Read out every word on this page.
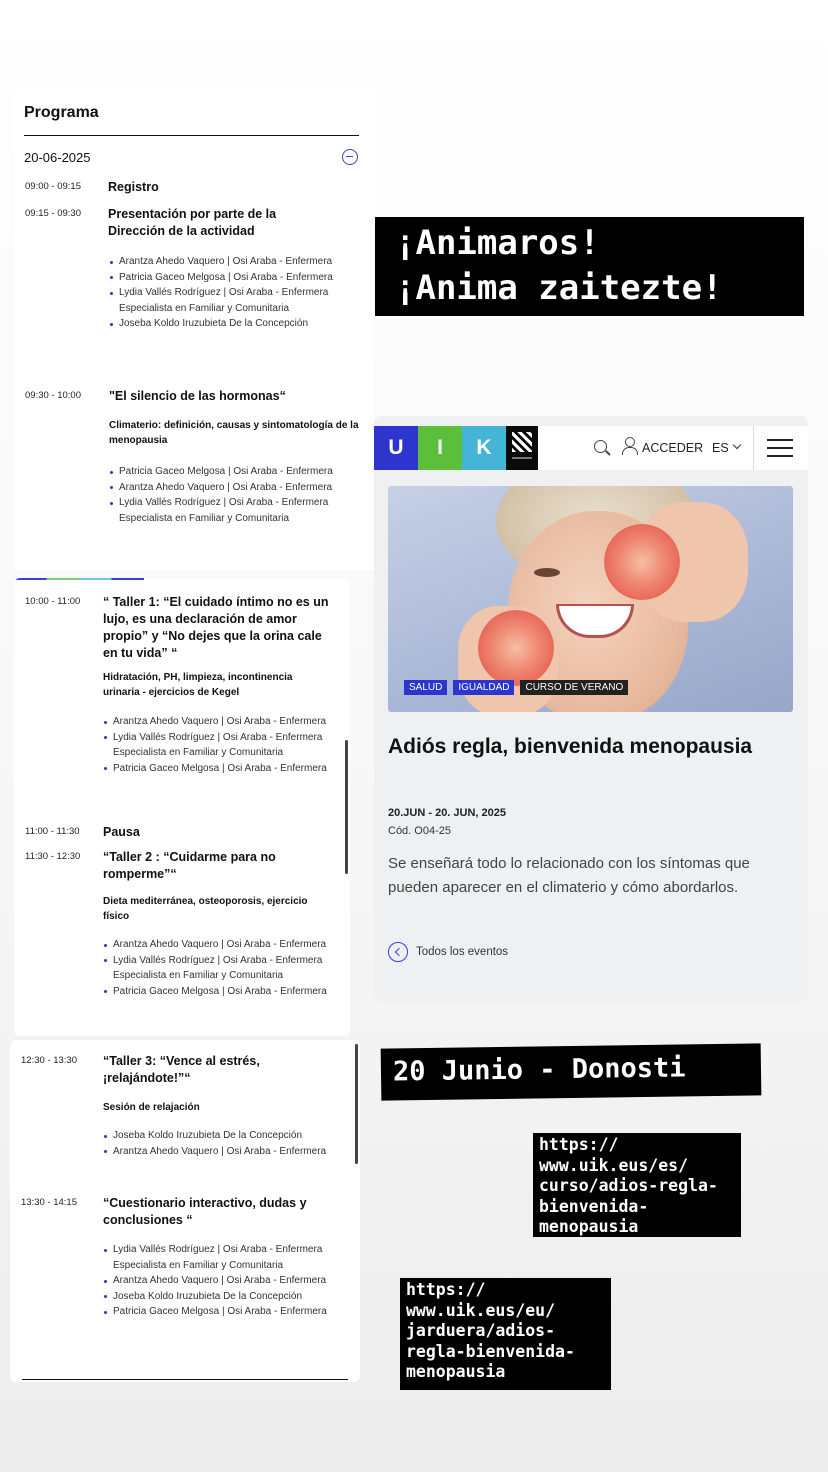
Programa
20-06-2025
09:00 - 09:15 Registro
09:15 - 09:30 Presentación por parte de la Dirección de la actividad
Arantza Ahedo Vaquero | Osi Araba - Enfermera
Patricia Gaceo Melgosa | Osi Araba - Enfermera
Lydia Vallés Rodríguez | Osi Araba - Enfermera Especialista en Familiar y Comunitaria
Joseba Koldo Iruzubieta De la Concepción
09:30 - 10:00 "El silencio de las hormonas“
Climaterio: definición, causas y sintomatología de la menopausia
Patricia Gaceo Melgosa | Osi Araba - Enfermera
Arantza Ahedo Vaquero | Osi Araba - Enfermera
Lydia Vallés Rodríguez | Osi Araba - Enfermera Especialista en Familiar y Comunitaria
10:00 - 11:00 “ Taller 1: “El cuidado íntimo no es un lujo, es una declaración de amor propio” y “No dejes que la orina cale en tu vida” “
Hidratación, PH, limpieza, incontinencia urinaria - ejercicios de Kegel
Arantza Ahedo Vaquero | Osi Araba - Enfermera
Lydia Vallés Rodríguez | Osi Araba - Enfermera Especialista en Familiar y Comunitaria
Patricia Gaceo Melgosa | Osi Araba - Enfermera
11:00 - 11:30 Pausa
11:30 - 12:30 “Taller 2 : “Cuidarme para no romperme”“
Dieta mediterránea, osteoporosis, ejercicio físico
Arantza Ahedo Vaquero | Osi Araba - Enfermera
Lydia Vallés Rodríguez | Osi Araba - Enfermera Especialista en Familiar y Comunitaria
Patricia Gaceo Melgosa | Osi Araba - Enfermera
12:30 - 13:30 “Taller 3: “Vence al estrés, ¡relajándote!”“
Sesión de relajación
Joseba Koldo Iruzubieta De la Concepción
Arantza Ahedo Vaquero | Osi Araba - Enfermera
13:30 - 14:15 “Cuestionario interactivo, dudas y conclusiones “
Lydia Vallés Rodríguez | Osi Araba - Enfermera Especialista en Familiar y Comunitaria
Arantza Ahedo Vaquero | Osi Araba - Enfermera
Joseba Koldo Iruzubieta De la Concepción
Patricia Gaceo Melgosa | Osi Araba - Enfermera
¡Animaros!
¡Anima zaitezte!
20 Junio - Donosti
https://
www.uik.eus/es/
curso/adios-regla-
bienvenida-
menopausia
https://
www.uik.eus/eu/
jarduera/adios-
regla-bienvenida-
menopausia
U	I	K	ACCEDER ES
SALUD	IGUALDAD	CURSO DE VERANO
Adiós regla, bienvenida menopausia
20.JUN - 20. JUN, 2025
Cód. O04-25
Se enseñará todo lo relacionado con los síntomas que pueden aparecer en el climaterio y cómo abordarlos.
Todos los eventos
